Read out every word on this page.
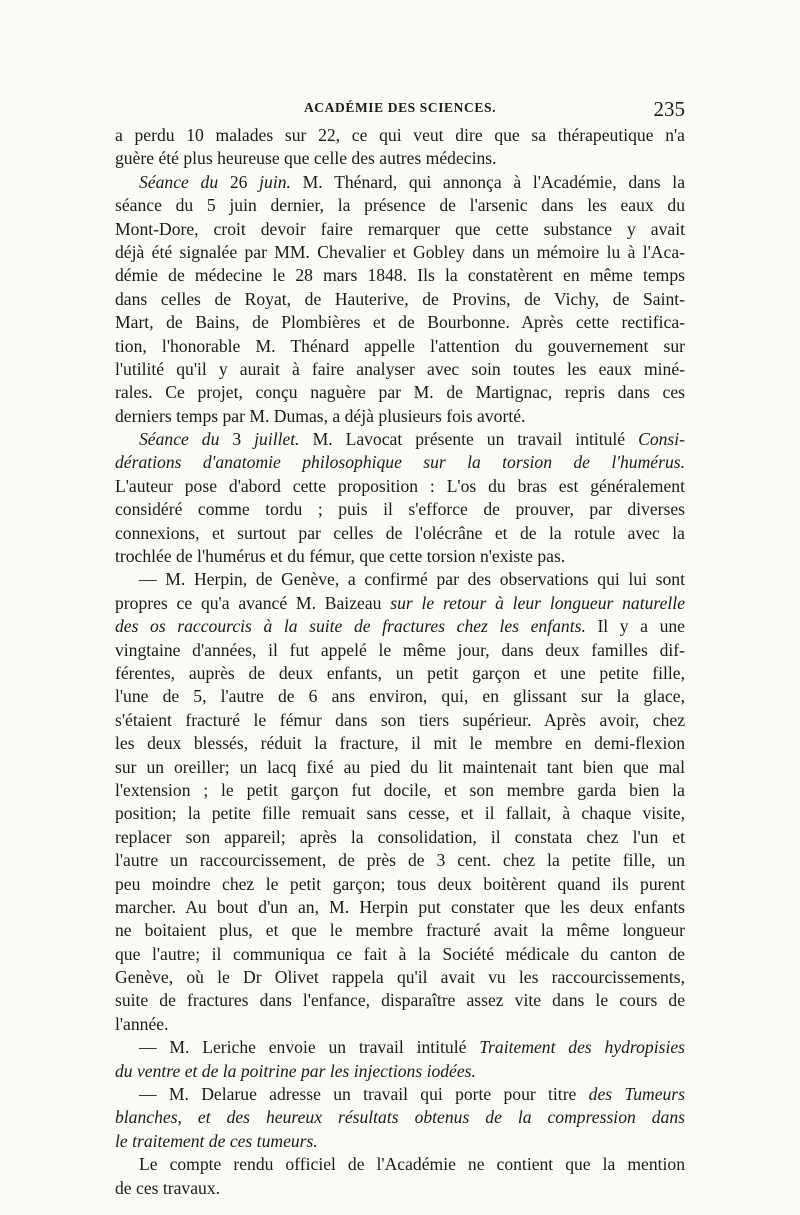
ACADÉMIE DES SCIENCES.	235
a perdu 10 malades sur 22, ce qui veut dire que sa thérapeutique n'a
guère été plus heureuse que celle des autres médecins.
Séance du 26 juin. M. Thénard, qui annonça à l'Académie, dans la
séance du 5 juin dernier, la présence de l'arsenic dans les eaux du
Mont-Dore, croit devoir faire remarquer que cette substance y avait
déjà été signalée par MM. Chevalier et Gobley dans un mémoire lu à l'Aca-
démie de médecine le 28 mars 1848. Ils la constatèrent en même temps
dans celles de Royat, de Hauterive, de Provins, de Vichy, de Saint-
Mart, de Bains, de Plombières et de Bourbonne. Après cette rectifica-
tion, l'honorable M. Thénard appelle l'attention du gouvernement sur
l'utilité qu'il y aurait à faire analyser avec soin toutes les eaux miné-
rales. Ce projet, conçu naguère par M. de Martignac, repris dans ces
derniers temps par M. Dumas, a déjà plusieurs fois avorté.
Séance du 3 juillet. M. Lavocat présente un travail intitulé Consi-
dérations d'anatomie philosophique sur la torsion de l'humérus.
L'auteur pose d'abord cette proposition : L'os du bras est généralement
considéré comme tordu ; puis il s'efforce de prouver, par diverses
connexions, et surtout par celles de l'olécrâne et de la rotule avec la
trochlée de l'humérus et du fémur, que cette torsion n'existe pas.
— M. Herpin, de Genève, a confirmé par des observations qui lui sont
propres ce qu'a avancé M. Baizeau sur le retour à leur longueur naturelle
des os raccourcis à la suite de fractures chez les enfants. Il y a une
vingtaine d'années, il fut appelé le même jour, dans deux familles dif-
férentes, auprès de deux enfants, un petit garçon et une petite fille,
l'une de 5, l'autre de 6 ans environ, qui, en glissant sur la glace,
s'étaient fracturé le fémur dans son tiers supérieur. Après avoir, chez
les deux blessés, réduit la fracture, il mit le membre en demi-flexion
sur un oreiller; un lacq fixé au pied du lit maintenait tant bien que mal
l'extension ; le petit garçon fut docile, et son membre garda bien la
position; la petite fille remuait sans cesse, et il fallait, à chaque visite,
replacer son appareil; après la consolidation, il constata chez l'un et
l'autre un raccourcissement, de près de 3 cent. chez la petite fille, un
peu moindre chez le petit garçon; tous deux boitèrent quand ils purent
marcher. Au bout d'un an, M. Herpin put constater que les deux enfants
ne boitaient plus, et que le membre fracturé avait la même longueur
que l'autre; il communiqua ce fait à la Société médicale du canton de
Genève, où le Dr Olivet rappela qu'il avait vu les raccourcissements,
suite de fractures dans l'enfance, disparaître assez vite dans le cours de
l'année.
— M. Leriche envoie un travail intitulé Traitement des hydropisies
du ventre et de la poitrine par les injections iodées.
— M. Delarue adresse un travail qui porte pour titre des Tumeurs
blanches, et des heureux résultats obtenus de la compression dans
le traitement de ces tumeurs.
Le compte rendu officiel de l'Académie ne contient que la mention
de ces travaux.
